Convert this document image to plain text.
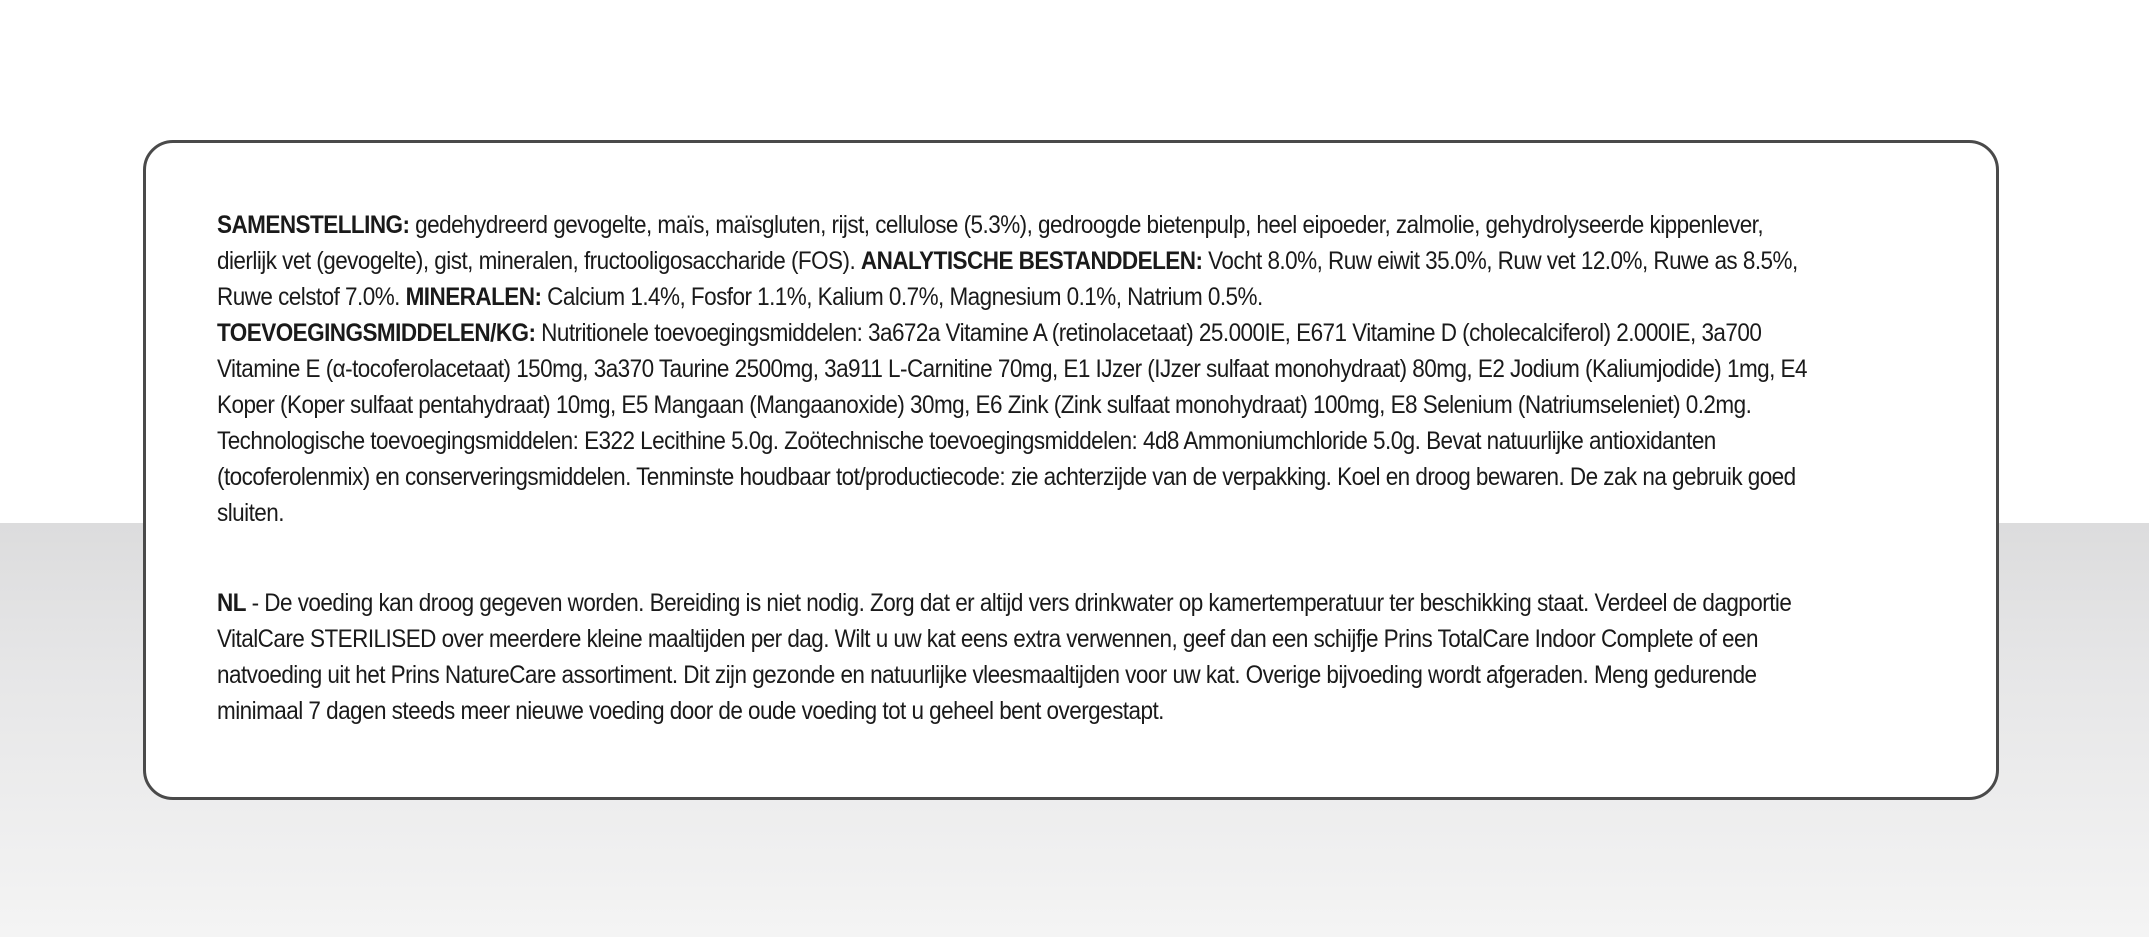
SAMENSTELLING: gedehydreerd gevogelte, maïs, maïsgluten, rijst, cellulose (5.3%), gedroogde bietenpulp, heel eipoeder, zalmolie, gehydrolyseerde kippenlever, dierlijk vet (gevogelte), gist, mineralen, fructooligosaccharide (FOS). ANALYTISCHE BESTANDDELEN: Vocht 8.0%, Ruw eiwit 35.0%, Ruw vet 12.0%, Ruwe as 8.5%, Ruwe celstof 7.0%. MINERALEN: Calcium 1.4%, Fosfor 1.1%, Kalium 0.7%, Magnesium 0.1%, Natrium 0.5%.
TOEVOEGINGSMIDDELEN/KG: Nutritionele toevoegingsmiddelen: 3a672a Vitamine A (retinolacetaat) 25.000IE, E671 Vitamine D (cholecalciferol) 2.000IE, 3a700 Vitamine E (α-tocoferolacetaat) 150mg, 3a370 Taurine 2500mg, 3a911 L-Carnitine 70mg, E1 IJzer (IJzer sulfaat monohydraat) 80mg, E2 Jodium (Kaliumjodide) 1mg, E4 Koper (Koper sulfaat pentahydraat) 10mg, E5 Mangaan (Mangaanoxide) 30mg, E6 Zink (Zink sulfaat monohydraat) 100mg, E8 Selenium (Natriumseleniet) 0.2mg. Technologische toevoegingsmiddelen: E322 Lecithine 5.0g. Zoötechnische toevoegingsmiddelen: 4d8 Ammoniumchloride 5.0g. Bevat natuurlijke antioxidanten (tocoferolenmix) en conserveringsmiddelen. Tenminste houdbaar tot/productiecode: zie achterzijde van de verpakking. Koel en droog bewaren. De zak na gebruik goed sluiten.

NL - De voeding kan droog gegeven worden. Bereiding is niet nodig. Zorg dat er altijd vers drinkwater op kamertemperatuur ter beschikking staat. Verdeel de dagportie VitalCare STERILISED over meerdere kleine maaltijden per dag. Wilt u uw kat eens extra verwennen, geef dan een schijfje Prins TotalCare Indoor Complete of een natvoeding uit het Prins NatureCare assortiment. Dit zijn gezonde en natuurlijke vleesmaaltijden voor uw kat. Overige bijvoeding wordt afgeraden. Meng gedurende minimaal 7 dagen steeds meer nieuwe voeding door de oude voeding tot u geheel bent overgestapt.
